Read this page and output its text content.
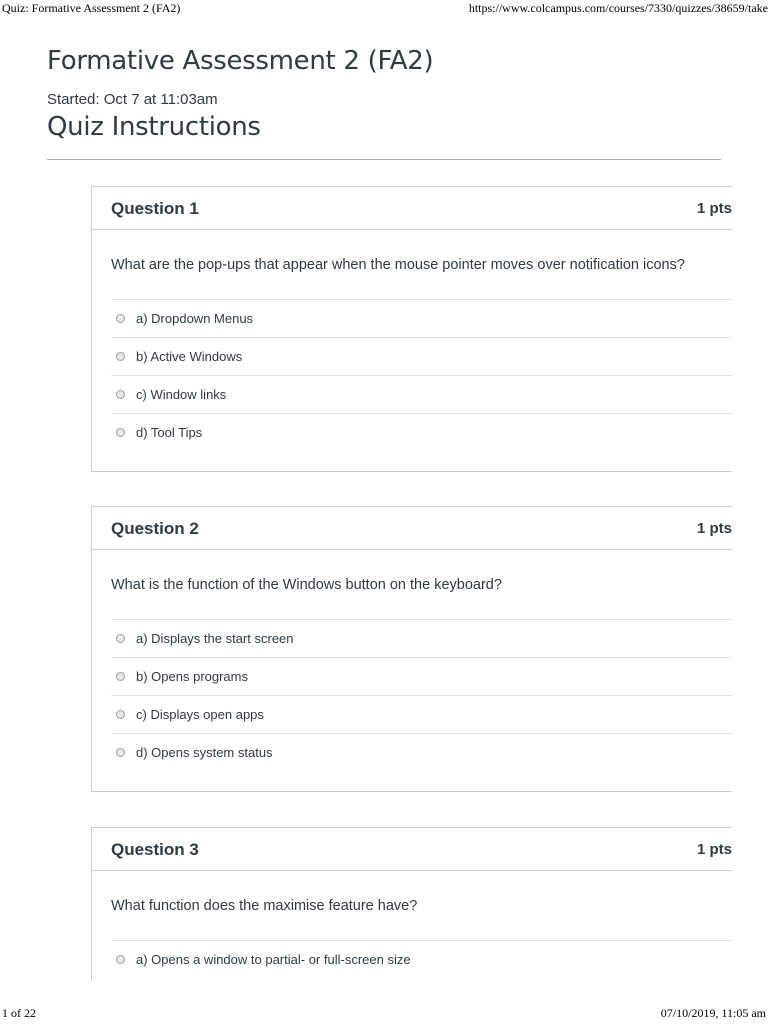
Quiz: Formative Assessment 2 (FA2)	https://www.colcampus.com/courses/7330/quizzes/38659/take
Formative Assessment 2 (FA2)
Started: Oct 7 at 11:03am
Quiz Instructions
Question 1	1 pts
What are the pop-ups that appear when the mouse pointer moves over notification icons?
a) Dropdown Menus
b) Active Windows
c) Window links
d) Tool Tips
Question 2	1 pts
What is the function of the Windows button on the keyboard?
a) Displays the start screen
b) Opens programs
c) Displays open apps
d) Opens system status
Question 3	1 pts
What function does the maximise feature have?
a) Opens a window to partial- or full-screen size
1 of 22	07/10/2019, 11:05 am
